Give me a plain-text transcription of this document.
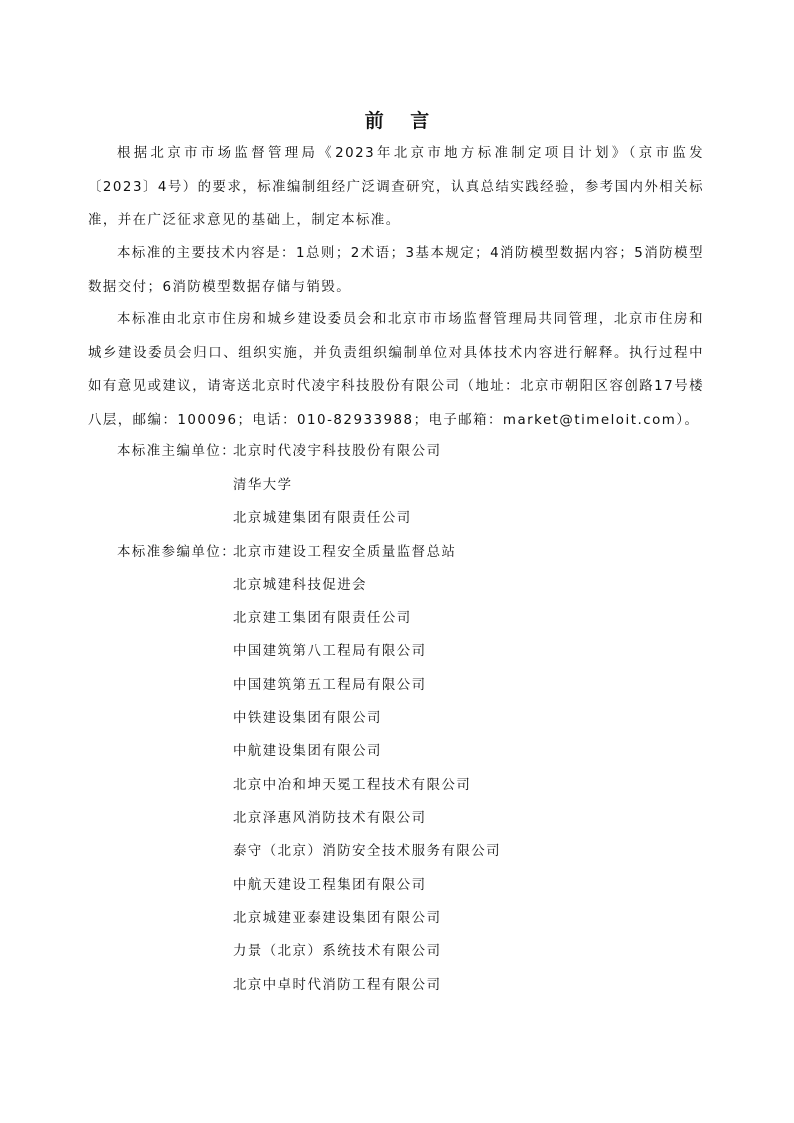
前 言

根据北京市市场监督管理局《2023年北京市地方标准制定项目计划》（京市监发〔2023〕4号）的要求，标准编制组经广泛调查研究，认真总结实践经验，参考国内外相关标准，并在广泛征求意见的基础上，制定本标准。

本标准的主要技术内容是：1总则；2术语；3基本规定；4消防模型数据内容；5消防模型数据交付；6消防模型数据存储与销毁。

本标准由北京市住房和城乡建设委员会和北京市市场监督管理局共同管理，北京市住房和城乡建设委员会归口、组织实施，并负责组织编制单位对具体技术内容进行解释。执行过程中如有意见或建议，请寄送北京时代凌宇科技股份有限公司（地址：北京市朝阳区容创路17号楼八层，邮编：100096；电话：010-82933988；电子邮箱：market@timeloit.com）。

本标准主编单位：
北京时代凌宇科技股份有限公司
清华大学
北京城建集团有限责任公司
本标准参编单位：
北京市建设工程安全质量监督总站
北京城建科技促进会
北京建工集团有限责任公司
中国建筑第八工程局有限公司
中国建筑第五工程局有限公司
中铁建设集团有限公司
中航建设集团有限公司
北京中冶和坤天冕工程技术有限公司
北京泽惠风消防技术有限公司
泰守（北京）消防安全技术服务有限公司
中航天建设工程集团有限公司
北京城建亚泰建设集团有限公司
力景（北京）系统技术有限公司
北京中卓时代消防工程有限公司
